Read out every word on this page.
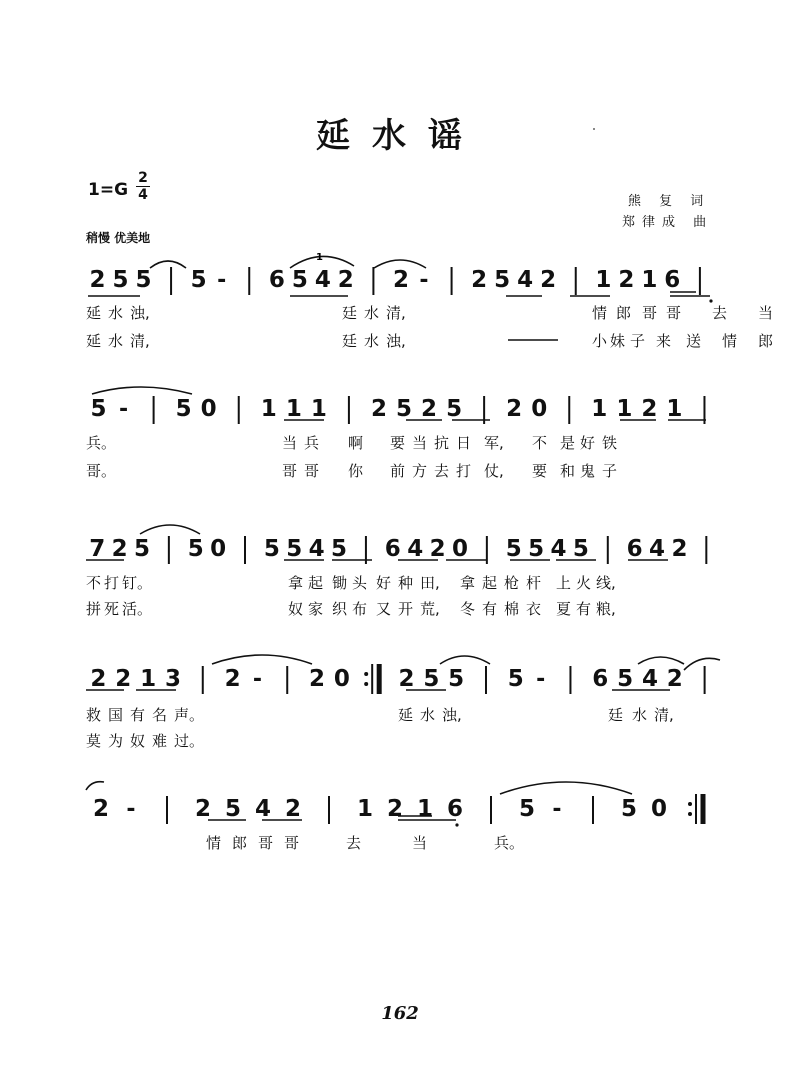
延水谣
$1=G \frac{2}{4}$
稍慢 优美地
熊 复 词
郑律成 曲
2 5 5 5 - 6 5 4 2 2 - 2 5 4 2 1 2 1 6
延 水 浊,	廷 水 清,	情 郎 哥 哥 去 当
延 水 清,	廷 水 浊,	小 妹 子 来 送 情 郎
1
5 - 5 0 1 1 1 2 5 2 5 2 0 1 1 2 1
兵。	当 兵 啊 要 当 抗 日 军, 不 是 好 铁
哥。	哥 哥 你 前 方 去 打 仗, 要 和 鬼 子
7 2 5 5 0 5 5 4 5 6 4 2 0 5 5 4 5 6 4 2
不 打 钉。	拿 起 锄 头 好 种 田, 拿 起 枪 杆 上 火 线,
拼 死 活。	奴 家 织 布 又 开 荒, 冬 有 棉 衣 夏 有 粮,
2 2 1 3 2 - 2 0 2 5 5 5 - 6 5 4 2
救 国 有 名 声。	延 水 浊,	廷 水 清,
莫 为 奴 难 过。
2 -	2 5 4 2 1 2 1 6 5 -	5 0
情 郎 哥 哥	去	当	兵。
162
